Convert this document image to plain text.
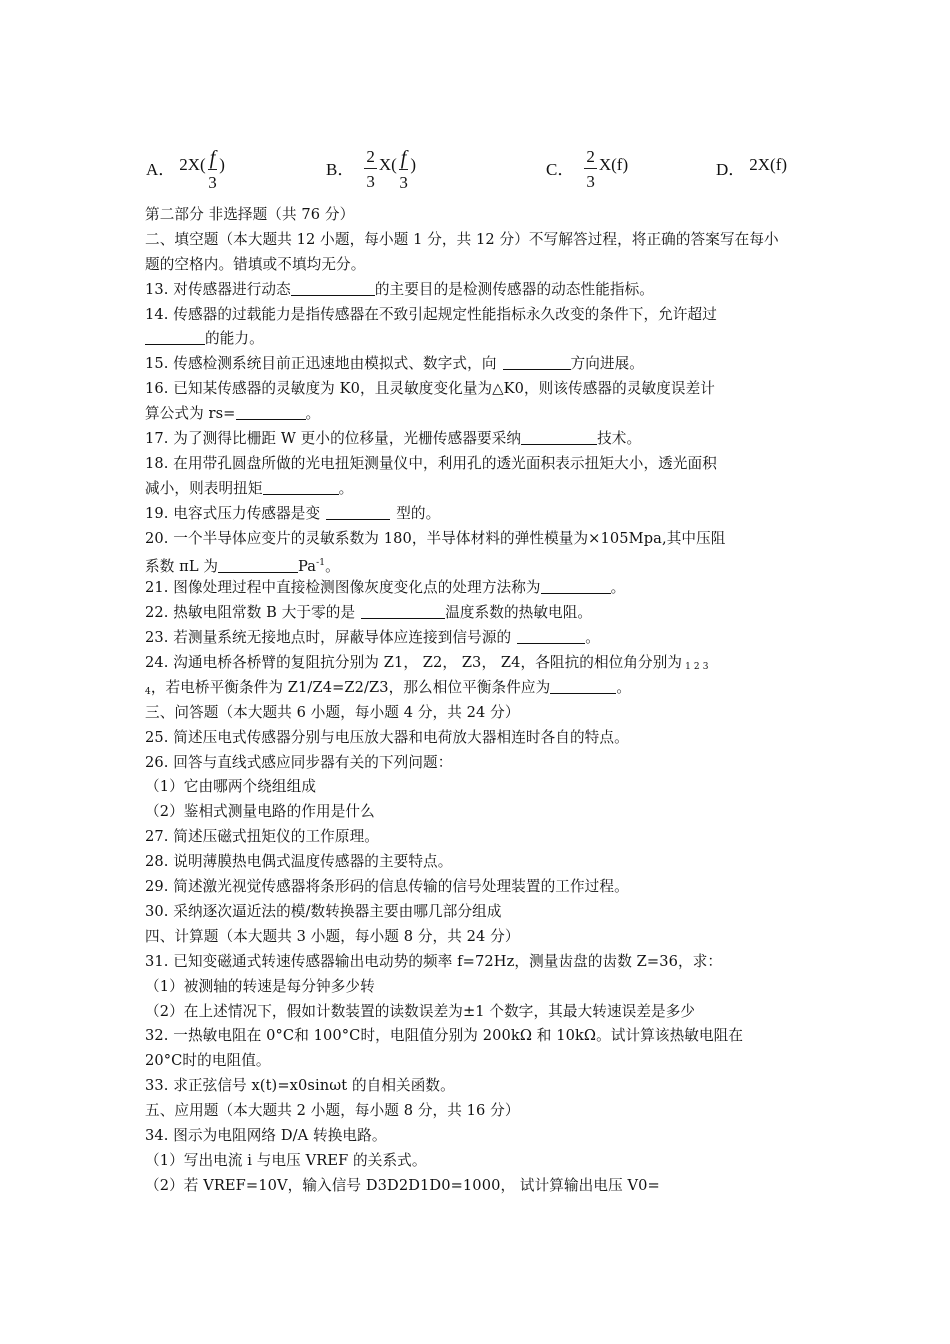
A． $2X( \frac{f}{3}$ )	B． $\frac{2}{3} X( \frac{f}{3}$ )	C． $\frac{2}{3} X(f)$	D． 2X(f)
第二部分 非选择题（共 76 分）
二、填空题（本大题共 12 小题，每小题 1 分，共 12 分）不写解答过程，将正确的答案写在每小
题的空格内。错填或不填均无分。
13. 对传感器进行动态	的主要目的是检测传感器的动态性能指标。
14. 传感器的过载能力是指传感器在不致引起规定性能指标永久改变的条件下，允许超过
的能力。
15. 传感检测系统目前正迅速地由模拟式、数字式，向	方向进展。
16. 已知某传感器的灵敏度为 K0，且灵敏度变化量为△K0，则该传感器的灵敏度误差计
算公式为 rs=	。
17. 为了测得比栅距 W 更小的位移量，光栅传感器要采纳	技术。
18. 在用带孔圆盘所做的光电扭矩测量仪中，利用孔的透光面积表示扭矩大小，透光面积
减小，则表明扭矩	。
19. 电容式压力传感器是变	型的。
20. 一个半导体应变片的灵敏系数为 180，半导体材料的弹性模量为×105Mpa,其中压阻
系数 πL 为	$Pa^{-1}$。
21. 图像处理过程中直接检测图像灰度变化点的处理方法称为	。
22. 热敏电阻常数 B 大于零的是	温度系数的热敏电阻。
23. 若测量系统无接地点时，屏蔽导体应连接到信号源的	。
24. 沟通电桥各桥臂的复阻抗分别为 Z1， Z2， Z3， Z4，各阻抗的相位角分别为 1 2 3
4，若电桥平衡条件为 Z1/Z4=Z2/Z3，那么相位平衡条件应为	。
三、问答题（本大题共 6 小题，每小题 4 分，共 24 分）
25. 简述压电式传感器分别与电压放大器和电荷放大器相连时各自的特点。
26. 回答与直线式感应同步器有关的下列问题：
（1）它由哪两个绕组组成
（2）鉴相式测量电路的作用是什么
27. 简述压磁式扭矩仪的工作原理。
28. 说明薄膜热电偶式温度传感器的主要特点。
29. 简述激光视觉传感器将条形码的信息传输的信号处理装置的工作过程。
30. 采纳逐次逼近法的模/数转换器主要由哪几部分组成
四、计算题（本大题共 3 小题，每小题 8 分，共 24 分）
31. 已知变磁通式转速传感器输出电动势的频率 f=72Hz，测量齿盘的齿数 Z=36，求：
（1）被测轴的转速是每分钟多少转
（2）在上述情况下，假如计数装置的读数误差为±1 个数字，其最大转速误差是多少
32. 一热敏电阻在 0°C和 100°C时，电阻值分别为 200kΩ 和 10kΩ。试计算该热敏电阻在
20°C时的电阻值。
33. 求正弦信号 x(t)=x0sinωt 的自相关函数。
五、应用题（本大题共 2 小题，每小题 8 分，共 16 分）
34. 图示为电阻网络 D/A 转换电路。
（1）写出电流 i 与电压 VREF 的关系式。
（2）若 VREF=10V，输入信号 D3D2D1D0=1000， 试计算输出电压 V0=
